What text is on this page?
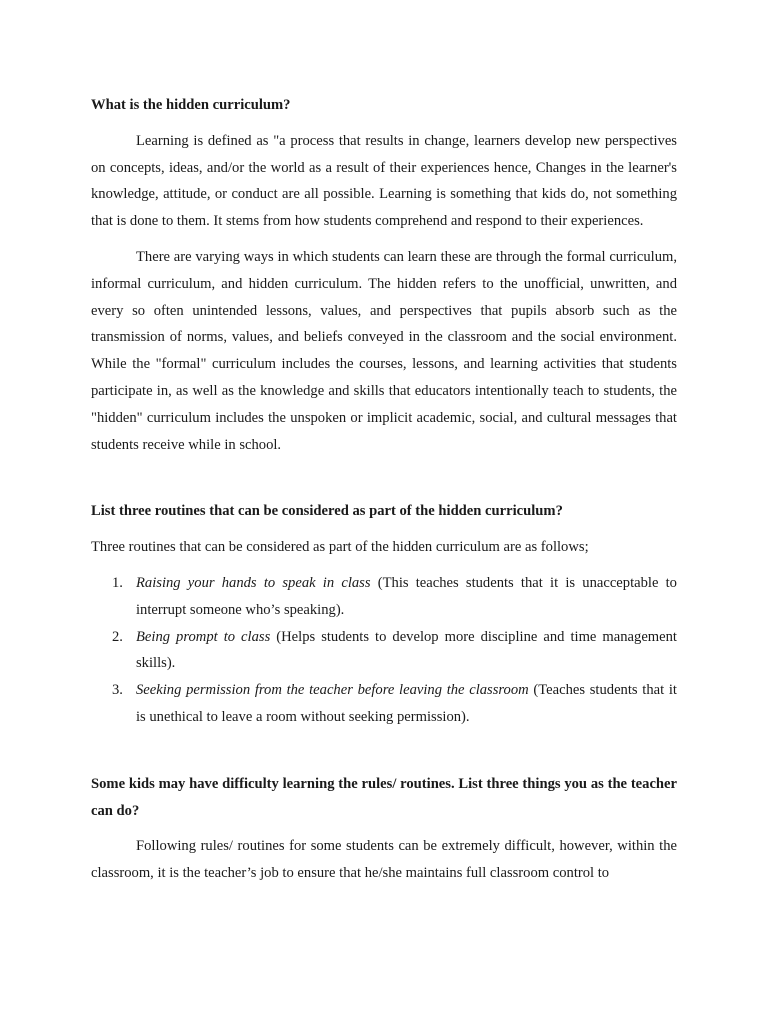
What is the hidden curriculum?

Learning is defined as "a process that results in change, learners develop new perspectives on concepts, ideas, and/or the world as a result of their experiences hence, Changes in the learner's knowledge, attitude, or conduct are all possible. Learning is something that kids do, not something that is done to them. It stems from how students comprehend and respond to their experiences.

There are varying ways in which students can learn these are through the formal curriculum, informal curriculum, and hidden curriculum. The hidden refers to the unofficial, unwritten, and every so often unintended lessons, values, and perspectives that pupils absorb such as the transmission of norms, values, and beliefs conveyed in the classroom and the social environment. While the "formal" curriculum includes the courses, lessons, and learning activities that students participate in, as well as the knowledge and skills that educators intentionally teach to students, the "hidden" curriculum includes the unspoken or implicit academic, social, and cultural messages that students receive while in school.

List three routines that can be considered as part of the hidden curriculum?

Three routines that can be considered as part of the hidden curriculum are as follows;

1. Raising your hands to speak in class (This teaches students that it is unacceptable to interrupt someone who’s speaking).
2. Being prompt to class (Helps students to develop more discipline and time management skills).
3. Seeking permission from the teacher before leaving the classroom (Teaches students that it is unethical to leave a room without seeking permission).

Some kids may have difficulty learning the rules/ routines. List three things you as the teacher can do?

Following rules/ routines for some students can be extremely difficult, however, within the classroom, it is the teacher’s job to ensure that he/she maintains full classroom control to
